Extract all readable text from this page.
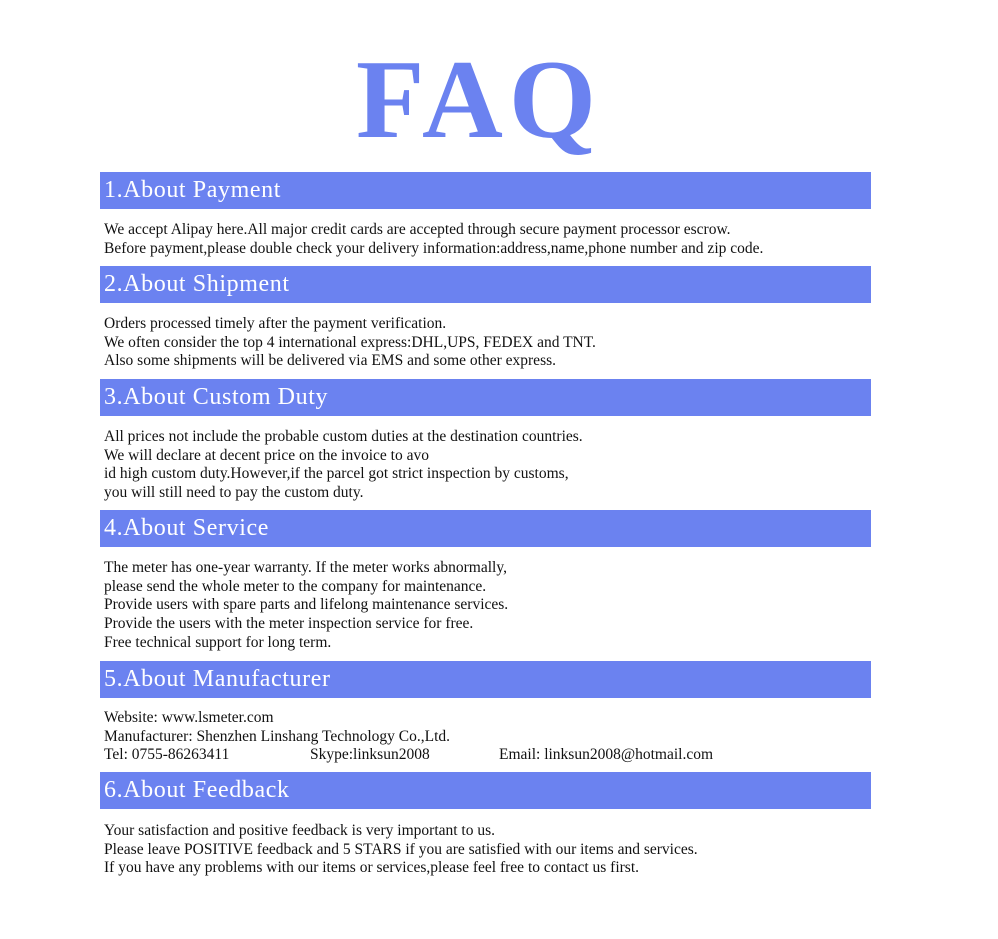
FAQ
1.About Payment
We accept Alipay here.All major credit cards are accepted through secure payment processor escrow.
Before payment,please double check your delivery information:address,name,phone number and zip code.
2.About Shipment
Orders processed timely after the payment verification.
We often consider the top 4 international express:DHL,UPS, FEDEX and TNT.
Also some shipments will be delivered via EMS and some other express.
3.About Custom Duty
All prices not include the probable custom duties at the destination countries.
We will declare at decent price on the invoice to avo
id high custom duty.However,if the parcel got strict inspection by customs,
you will still need to pay the custom duty.
4.About Service
The meter has one-year warranty. If the meter works abnormally,
please send the whole meter to the company for maintenance.
Provide users with spare parts and lifelong maintenance services.
Provide the users with the meter inspection service for free.
Free technical support for long term.
5.About Manufacturer
Website: www.lsmeter.com
Manufacturer: Shenzhen Linshang Technology Co.,Ltd.
Tel: 0755-86263411	Skype:linksun2008	Email: linksun2008@hotmail.com
6.About Feedback
Your satisfaction and positive feedback is very important to us.
Please leave POSITIVE feedback and 5 STARS if you are satisfied with our items and services.
If you have any problems with our items or services,please feel free to contact us first.
